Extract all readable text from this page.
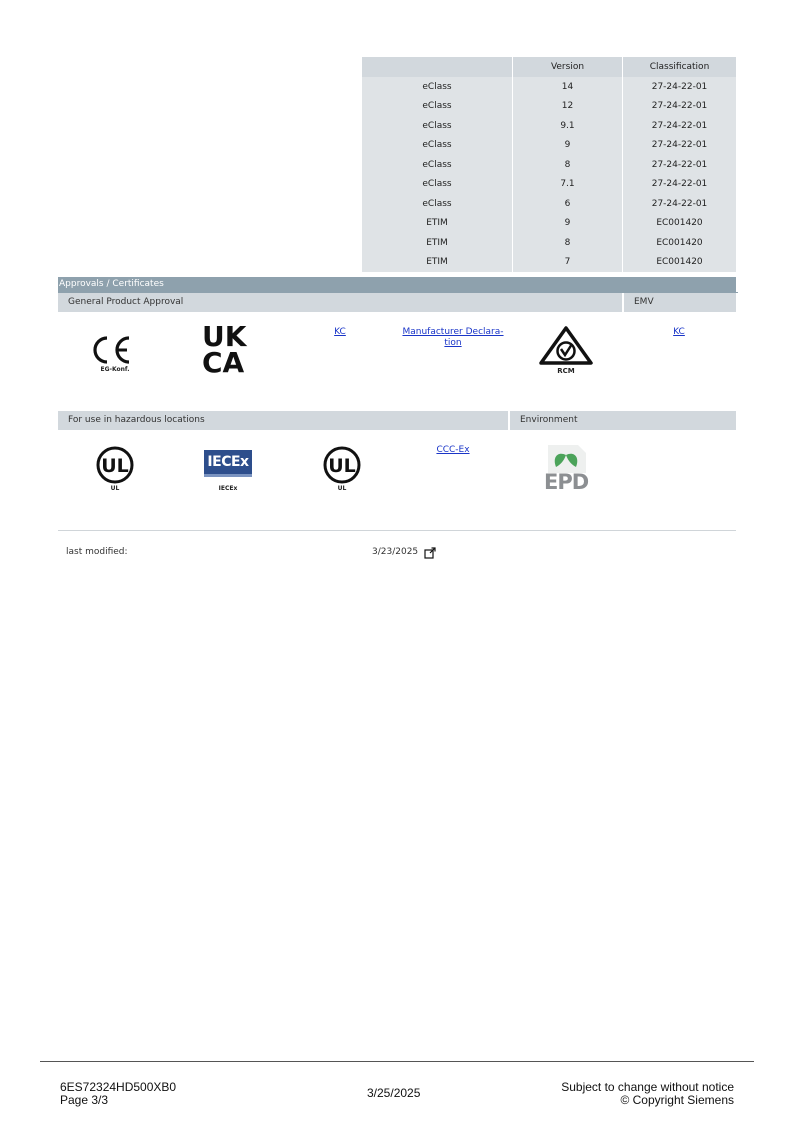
	Version	Classification
eClass	14	27-24-22-01
eClass	12	27-24-22-01
eClass	9.1	27-24-22-01
eClass	9	27-24-22-01
eClass	8	27-24-22-01
eClass	7.1	27-24-22-01
eClass	6	27-24-22-01
ETIM	9	EC001420
ETIM	8	EC001420
ETIM	7	EC001420
Approvals / Certificates
General Product Approval	EMV
EG-Konf.
UK
CA
KC	Manufacturer Declara-
tion
RCM
KC
For use in hazardous locations	Environment
UL
UL
IECEx
IECEx
UL
UL
CCC-Ex
EPD
last modified:	3/23/2025
6ES72324HD500XB0
Page 3/3	3/25/2025	Subject to change without notice
© Copyright Siemens
